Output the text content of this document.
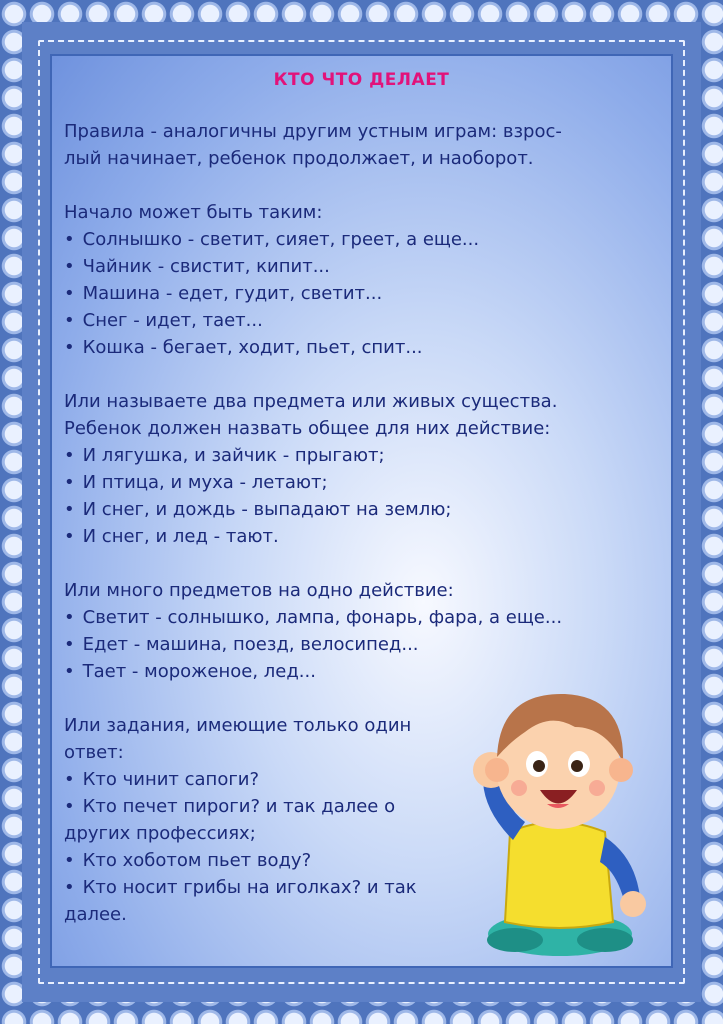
КТО ЧТО ДЕЛАЕТ

Правила - аналогичны другим устным играм: взрос-

лый начинает, ребенок продолжает, и наоборот.

Начало может быть таким:

• Солнышко - светит, сияет, греет, а еще...

• Чайник - свистит, кипит...

• Машина - едет, гудит, светит...

• Снег - идет, тает...

• Кошка - бегает, ходит, пьет, спит...

Или называете два предмета или живых существа.

Ребенок должен назвать общее для них действие:

• И лягушка, и зайчик - прыгают;

• И птица, и муха - летают;

• И снег, и дождь - выпадают на землю;

• И снег, и лед - тают.

Или много предметов на одно действие:

• Светит - солнышко, лампа, фонарь, фара, а еще...

• Едет - машина, поезд, велосипед...

• Тает - мороженое, лед...

Или задания, имеющие только один

ответ:

• Кто чинит сапоги?

• Кто печет пироги? и так далее о

других профессиях;

• Кто хоботом пьет воду?

• Кто носит грибы на иголках? и так

далее.
